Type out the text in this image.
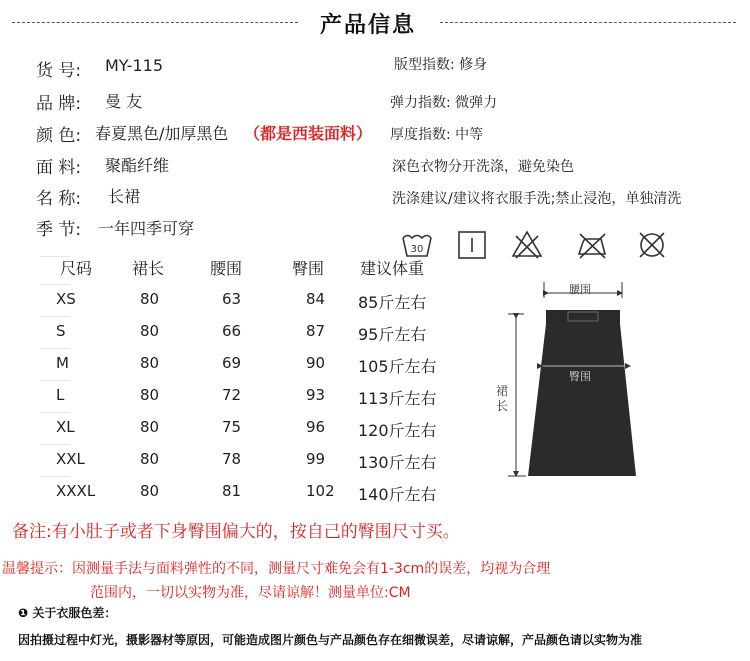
产品信息
货 号: MY-115
品 牌: 曼 友
颜 色: 春夏黑色/加厚黑色 （都是西装面料）
面 料: 聚酯纤维
名 称: 长裙
季 节: 一年四季可穿
版型指数: 修身
弹力指数: 微弹力
厚度指数: 中等
深色衣物分开洗涤，避免染色
洗涤建议/建议将衣服手洗;禁止浸泡，单独清洗
30
尺码 裙长	腰围	臀围 建议体重
XS	80	63	84 85斤左右
S	80	66	87 95斤左右
M	80	69	90 105斤左右
L	80	72	93 113斤左右
XL	80	75	96 120斤左右
XXL	80	78	99 130斤左右
XXXL	80	81	102 140斤左右
腰围
臀围
裙长
备注:有小肚子或者下身臀围偏大的，按自己的臀围尺寸买。
温馨提示：因测量手法与面料弹性的不同，测量尺寸难免会有1-3cm的误差，均视为合理
范围内，一切以实物为准，尽请谅解！测量单位:CM
❶ 关于衣服色差：
因拍摄过程中灯光，摄影器材等原因，可能造成图片颜色与产品颜色存在细微误差，尽请谅解，产品颜色请以实物为准
